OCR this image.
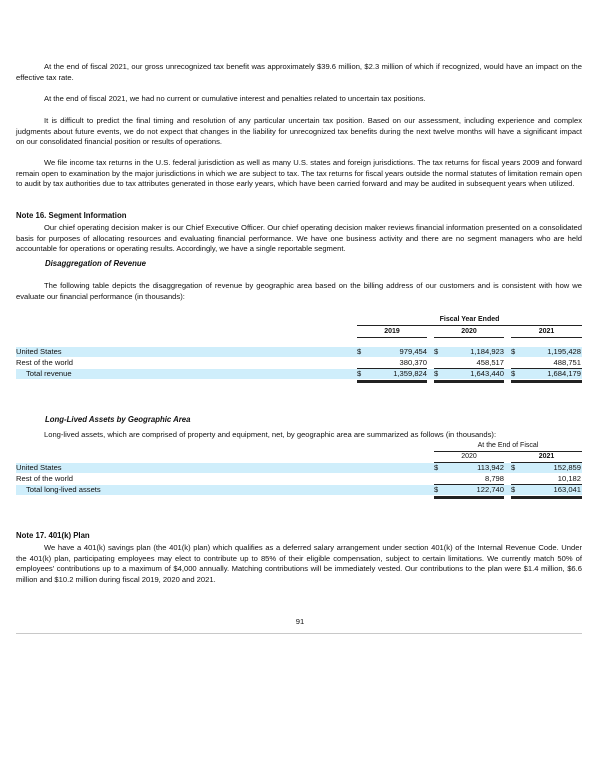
At the end of fiscal 2021, our gross unrecognized tax benefit was approximately $39.6 million, $2.3 million of which if recognized, would have an impact on the effective tax rate.

At the end of fiscal 2021, we had no current or cumulative interest and penalties related to uncertain tax positions.

It is difficult to predict the final timing and resolution of any particular uncertain tax position. Based on our assessment, including experience and complex judgments about future events, we do not expect that changes in the liability for unrecognized tax benefits during the next twelve months will have a significant impact on our consolidated financial position or results of operations.

We file income tax returns in the U.S. federal jurisdiction as well as many U.S. states and foreign jurisdictions. The tax returns for fiscal years 2009 and forward remain open to examination by the major jurisdictions in which we are subject to tax. The tax returns for fiscal years outside the normal statutes of limitation remain open to audit by tax authorities due to tax attributes generated in those early years, which have been carried forward and may be audited in subsequent years when utilized.

Note 16. Segment Information

Our chief operating decision maker is our Chief Executive Officer. Our chief operating decision maker reviews financial information presented on a consolidated basis for purposes of allocating resources and evaluating financial performance. We have one business activity and there are no segment managers who are held accountable for operations or operating results. Accordingly, we have a single reportable segment.

Disaggregation of Revenue

The following table depicts the disaggregation of revenue by geographic area based on the billing address of our customers and is consistent with how we evaluate our financial performance (in thousands):

Fiscal Year Ended
2019	2020	2021
United States	$	979,454 $	1,184,923 $	1,195,428
Rest of the world	380,370	458,517	488,751
Total revenue	$	1,359,824 $	1,643,440 $	1,684,179

Long-Lived Assets by Geographic Area

Long-lived assets, which are comprised of property and equipment, net, by geographic area are summarized as follows (in thousands):

At the End of Fiscal
2020	2021
United States	$	113,942 $	152,859
Rest of the world	8,798	10,182
Total long-lived assets	$	122,740 $	163,041

Note 17. 401(k) Plan

We have a 401(k) savings plan (the 401(k) plan) which qualifies as a deferred salary arrangement under section 401(k) of the Internal Revenue Code. Under the 401(k) plan, participating employees may elect to contribute up to 85% of their eligible compensation, subject to certain limitations. We currently match 50% of employees' contributions up to a maximum of $4,000 annually. Matching contributions will be immediately vested. Our contributions to the plan were $1.4 million, $6.6 million and $10.2 million during fiscal 2019, 2020 and 2021.

91
